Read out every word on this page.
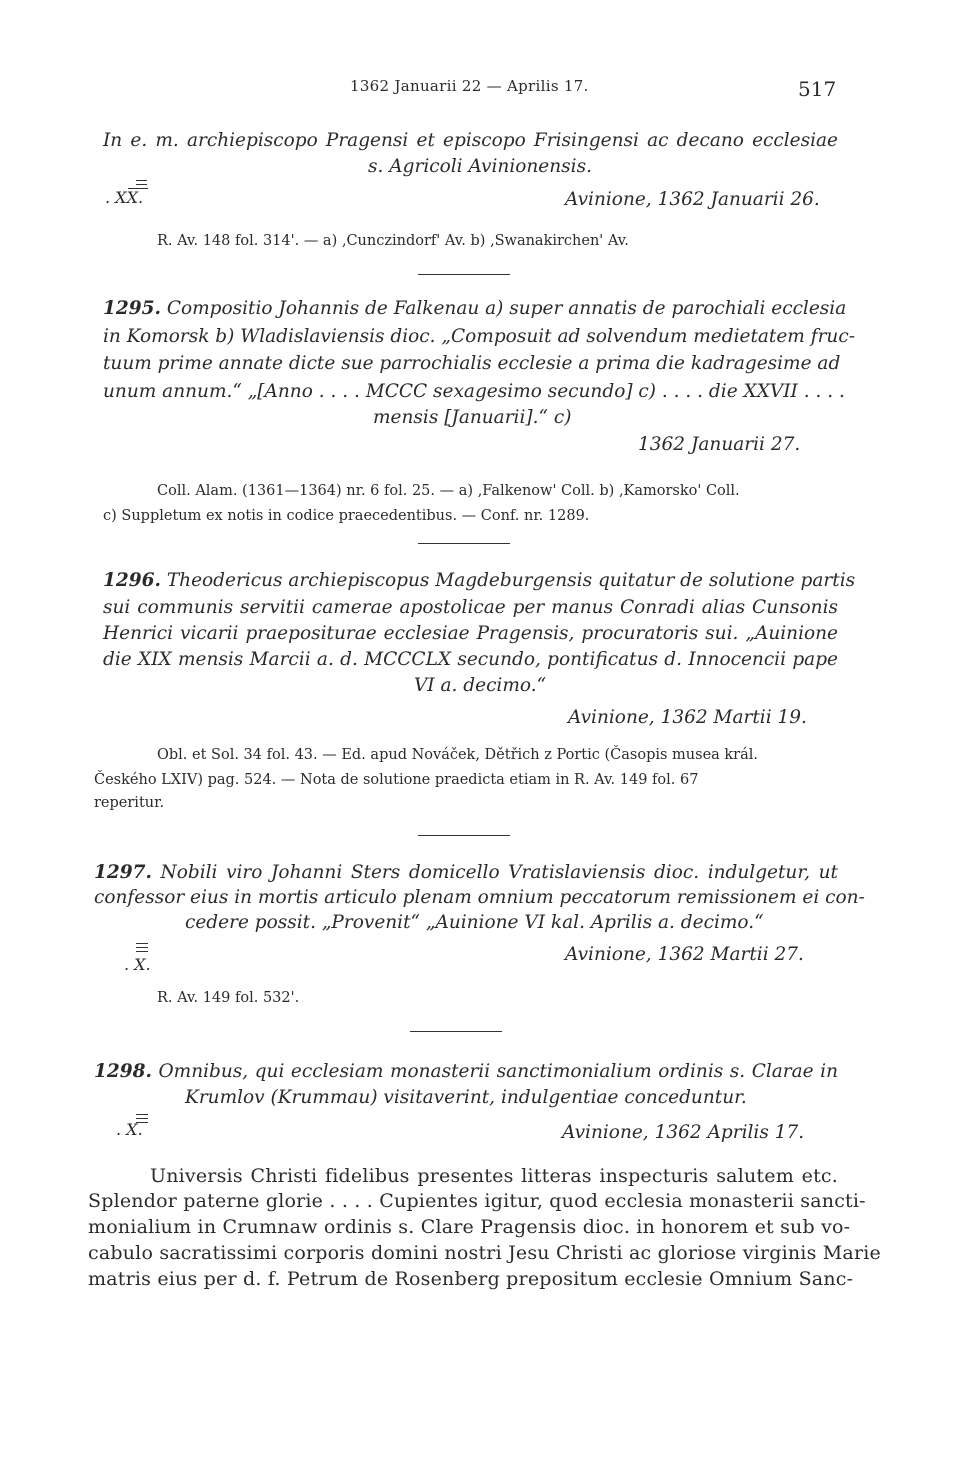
1362 Januarii 22 — Aprilis 17.	517
In e. m. archiepiscopo Pragensi et episcopo Frisingensi ac decano ecclesiae
s. Agricoli Avinionensis.
. XX.	Avinione, 1362 Januarii 26.
R. Av. 148 fol. 314'. — a) ‚Cunczindorf' Av. b) ‚Swanakirchen' Av.
1295. Compositio Johannis de Falkenau a) super annatis de parochiali ecclesia
in Komorsk b) Wladislaviensis dioc. „Composuit ad solvendum medietatem fruc-
tuum prime annate dicte sue parrochialis ecclesie a prima die kadragesime ad
unum annum.“ „[Anno . . . . MCCC sexagesimo secundo] c) . . . . die XXVII . . . .
mensis [Januarii].“ c)
1362 Januarii 27.
Coll. Alam. (1361—1364) nr. 6 fol. 25. — a) ‚Falkenow' Coll. b) ‚Kamorsko' Coll.
c) Suppletum ex notis in codice praecedentibus. — Conf. nr. 1289.
1296. Theodericus archiepiscopus Magdeburgensis quitatur de solutione partis
sui communis servitii camerae apostolicae per manus Conradi alias Cunsonis
Henrici vicarii praepositurae ecclesiae Pragensis, procuratoris sui. „Auinione
die XIX mensis Marcii a. d. MCCCLX secundo, pontificatus d. Innocencii pape
VI a. decimo.“
Avinione, 1362 Martii 19.
Obl. et Sol. 34 fol. 43. — Ed. apud Nováček, Dětřich z Portic (Časopis musea král.
Českého LXIV) pag. 524. — Nota de solutione praedicta etiam in R. Av. 149 fol. 67
reperitur.
1297. Nobili viro Johanni Sters domicello Vratislaviensis dioc. indulgetur, ut
confessor eius in mortis articulo plenam omnium peccatorum remissionem ei con-
cedere possit. „Provenit“ „Auinione VI kal. Aprilis a. decimo.“
. X.	Avinione, 1362 Martii 27.
R. Av. 149 fol. 532'.
1298. Omnibus, qui ecclesiam monasterii sanctimonialium ordinis s. Clarae in
Krumlov (Krummau) visitaverint, indulgentiae conceduntur.
. X.	Avinione, 1362 Aprilis 17.
Universis Christi fidelibus presentes litteras inspecturis salutem etc.
Splendor paterne glorie . . . . Cupientes igitur, quod ecclesia monasterii sancti-
monialium in Crumnaw ordinis s. Clare Pragensis dioc. in honorem et sub vo-
cabulo sacratissimi corporis domini nostri Jesu Christi ac gloriose virginis Marie
matris eius per d. f. Petrum de Rosenberg prepositum ecclesie Omnium Sanc-
